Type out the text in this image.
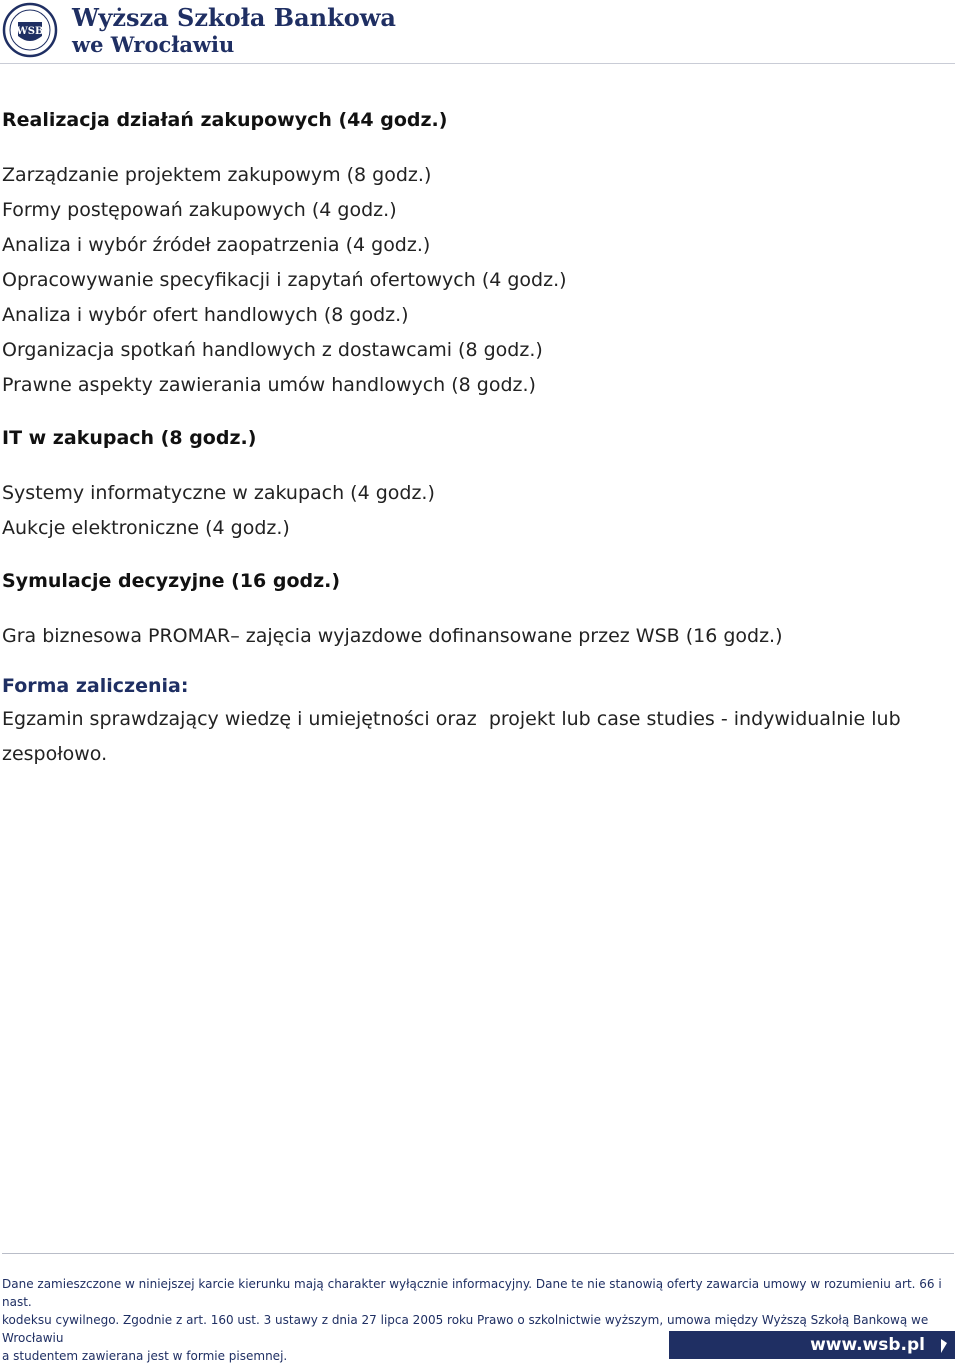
WSB Wyższa Szkoła Bankowa
we Wrocławiu
Realizacja działań zakupowych (44 godz.)
Zarządzanie projektem zakupowym (8 godz.)
Formy postępowań zakupowych (4 godz.)
Analiza i wybór źródeł zaopatrzenia (4 godz.)
Opracowywanie specyfikacji i zapytań ofertowych (4 godz.)
Analiza i wybór ofert handlowych (8 godz.)
Organizacja spotkań handlowych z dostawcami (8 godz.)
Prawne aspekty zawierania umów handlowych (8 godz.)
IT w zakupach (8 godz.)
Systemy informatyczne w zakupach (4 godz.)
Aukcje elektroniczne (4 godz.)
Symulacje decyzyjne (16 godz.)
Gra biznesowa PROMAR– zajęcia wyjazdowe dofinansowane przez WSB (16 godz.)
Forma zaliczenia:
Egzamin sprawdzający wiedzę i umiejętności oraz  projekt lub case studies - indywidualnie lub
zespołowo.
Dane zamieszczone w niniejszej karcie kierunku mają charakter wyłącznie informacyjny. Dane te nie stanowią oferty zawarcia umowy w rozumieniu art. 66 i nast.
kodeksu cywilnego. Zgodnie z art. 160 ust. 3 ustawy z dnia 27 lipca 2005 roku Prawo o szkolnictwie wyższym, umowa między Wyższą Szkołą Bankową we Wrocławiu
a studentem zawierana jest w formie pisemnej.
www.wsb.pl
